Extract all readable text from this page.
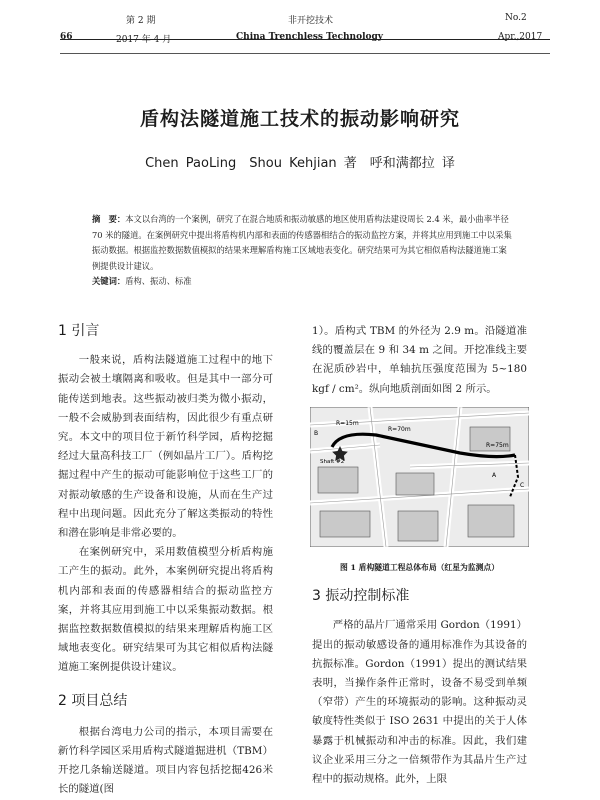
第 2 期
66	2017 年 4 月
非开挖技术
China Trenchless Technology
No.2
Apr.,2017
盾构法隧道施工技术的振动影响研究
Chen PaoLing　Shou Kehjian 著　呼和满都拉 译
摘　要：本文以台湾的一个案例，研究了在混合地质和振动敏感的地区使用盾构法建设周长 2.4 米，最小曲率半径 70 米的隧道。在案例研究中提出将盾构机内部和表面的传感器相结合的振动监控方案，并将其应用到施工中以采集振动数据。根据监控数据数值模拟的结果来理解盾构施工区域地表变化。研究结果可为其它相似盾构法隧道施工案例提供设计建议。
关键词：盾构、振动、标准
1 引言

一般来说，盾构法隧道施工过程中的地下振动会被土壤隔离和吸收。但是其中一部分可能传送到地表。这些振动被归类为微小振动，一般不会威胁到表面结构，因此很少有重点研究。本文中的项目位于新竹科学园，盾构挖掘经过大量高科技工厂（例如晶片工厂）。盾构挖掘过程中产生的振动可能影响位于这些工厂的对振动敏感的生产设备和设施，从而在生产过程中出现问题。因此充分了解这类振动的特性和潜在影响是非常必要的。

在案例研究中，采用数值模型分析盾构施工产生的振动。此外，本案例研究提出将盾构机内部和表面的传感器相结合的振动监控方案，并将其应用到施工中以采集振动数据。根据监控数据数值模拟的结果来理解盾构施工区域地表变化。研究结果可为其它相似盾构法隧道施工案例提供设计建议。

2 项目总结

根据台湾电力公司的指示，本项目需要在新竹科学园区采用盾构式隧道掘进机（TBM）开挖几条输送隧道。项目内容包括挖掘426米长的隧道(图

1）。盾构式 TBM 的外径为 2.9 m。沿隧道准线的覆盖层在 9 和 34 m 之间。开挖准线主要在泥质砂岩中，单轴抗压强度范围为 5~180 kgf / cm²。纵向地质剖面如图 2 所示。

R=15m
R=70m
R=75m
Shaft #2
B
A
C
图 1 盾构隧道工程总体布局（红星为监测点）
3 振动控制标准

严格的晶片厂通常采用 Gordon（1991）提出的振动敏感设备的通用标准作为其设备的抗振标准。Gordon（1991）提出的测试结果表明，当操作条件正常时，设备不易受到单频（窄带）产生的环境振动的影响。这种振动灵敏度特性类似于 ISO 2631 中提出的关于人体暴露于机械振动和冲击的标准。因此，我们建议企业采用三分之一倍频带作为其晶片生产过程中的振动规格。此外，上限
